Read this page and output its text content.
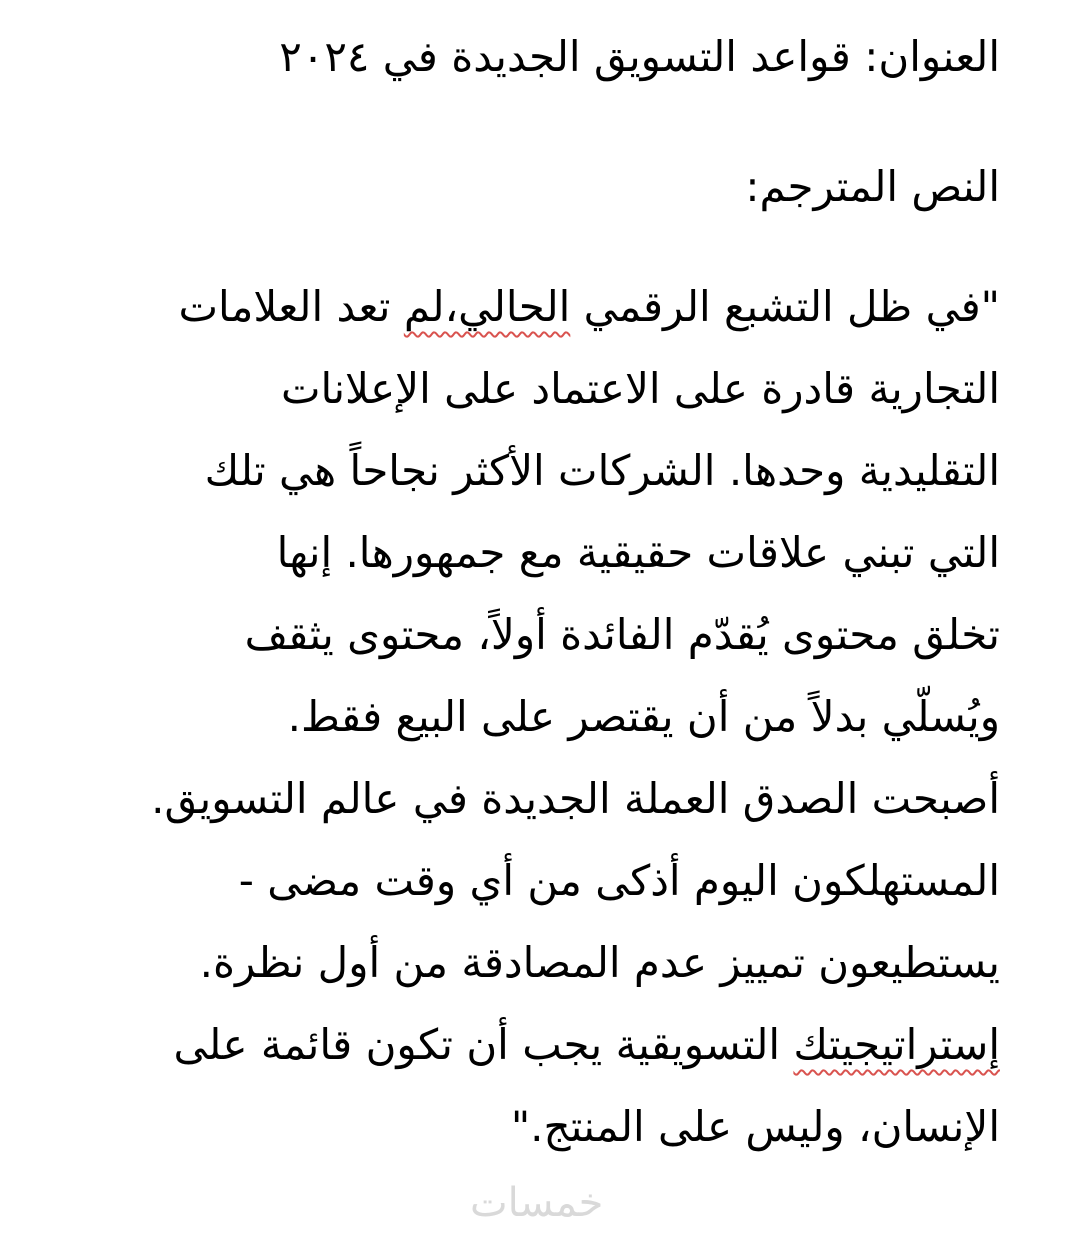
العنوان: قواعد التسويق الجديدة في ٢٠٢٤

النص المترجم:

"في ظل التشبع الرقمي الحالي،لم تعد العلامات

التجارية قادرة على الاعتماد على الإعلانات

التقليدية وحدها. الشركات الأكثر نجاحاً هي تلك

التي تبني علاقات حقيقية مع جمهورها. إنها

تخلق محتوى يُقدّم الفائدة أولاً، محتوى يثقف

ويُسلّي بدلاً من أن يقتصر على البيع فقط.

أصبحت الصدق العملة الجديدة في عالم التسويق.

المستهلكون اليوم أذكى من أي وقت مضى -

يستطيعون تمييز عدم المصادقة من أول نظرة.

إستراتيجيتك التسويقية يجب أن تكون قائمة على

الإنسان، وليس على المنتج."

خمسات
